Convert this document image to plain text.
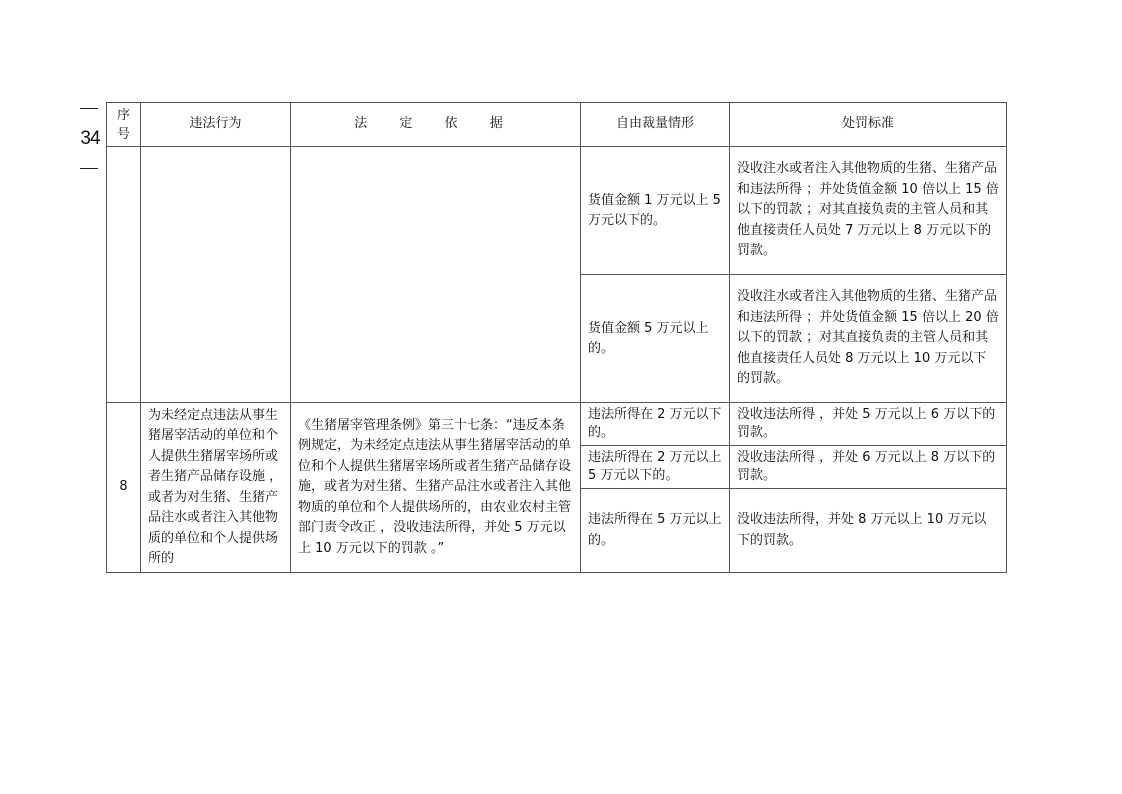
34
序
号	违法行为	法 定 依 据	自由裁量情形	处罚标准

			货值金额 1 万元以上 5 万元以下的。	没收注水或者注入其他物质的生猪、生猪产品和违法所得 ；并处货值金额 10 倍以上 15 倍以下的罚款 ；对其直接负责的主管人员和其他直接责任人员处 7 万元以上 8 万元以下的罚款。

			货值金额 5 万元以上的。	没收注水或者注入其他物质的生猪、生猪产品和违法所得 ；并处货值金额 15 倍以上 20 倍以下的罚款 ；对其直接负责的主管人员和其他直接责任人员处 8 万元以上 10 万元以下的罚款。

8	为未经定点违法从事生猪屠宰活动的单位和个人提供生猪屠宰场所或者生猪产品储存设施 ，或者为对生猪、生猪产品注水或者注入其他物质的单位和个人提供场所的	《生猪屠宰管理条例》第三十七条：“违反本条例规定，为未经定点违法从事生猪屠宰活动的单位和个人提供生猪屠宰场所或者生猪产品储存设施，或者为对生猪、生猪产品注水或者注入其他物质的单位和个人提供场所的，由农业农村主管部门责令改正 ，没收违法所得，并处 5 万元以上 10 万元以下的罚款 。”	违法所得在 2 万元以下的。	没收违法所得 ，并处 5 万元以上 6 万以下的罚款。

			违法所得在 2 万元以上 5 万元以下的。	没收违法所得 ，并处 6 万元以上 8 万以下的罚款。

			违法所得在 5 万元以上的。	没收违法所得，并处 8 万元以上 10 万元以下的罚款。
